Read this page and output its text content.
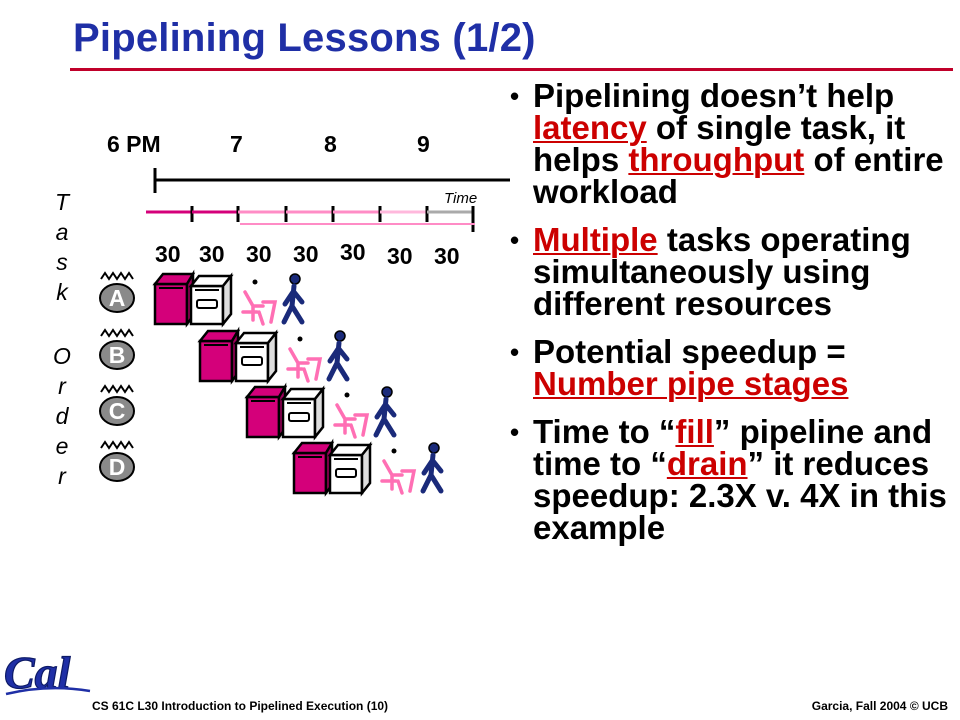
Pipelining Lessons (1/2)
6 PM	7	8	9
Time
30 30 30 30 30 30 30
T a s k O r d e r
A
B
C
D
• Pipelining doesn’t help latency of single task, it helps throughput of entire workload
• Multiple tasks operating simultaneously using different resources
• Potential speedup = Number pipe stages
• Time to “fill” pipeline and time to “drain” it reduces speedup: 2.3X v. 4X in this example
Cal
CS 61C L30 Introduction to Pipelined Execution (10)	Garcia, Fall 2004 © UCB
